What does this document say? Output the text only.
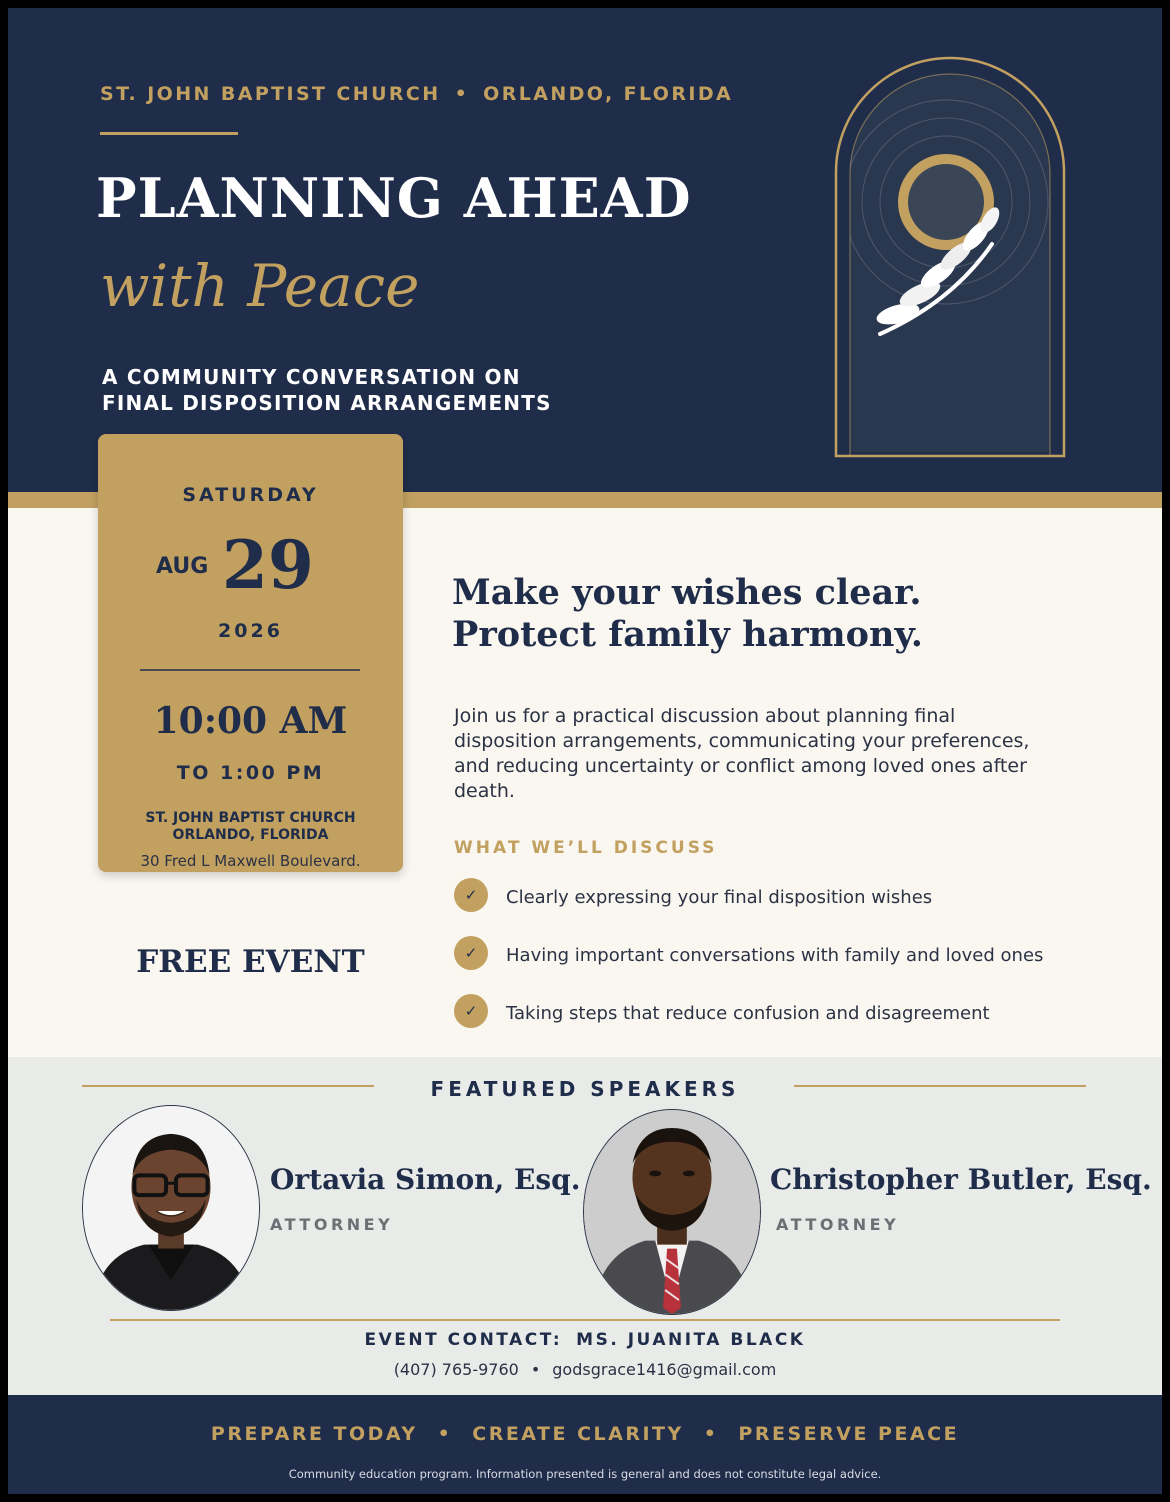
ST. JOHN BAPTIST CHURCH • ORLANDO, FLORIDA
PLANNING AHEAD
with Peace
A COMMUNITY CONVERSATION ON
FINAL DISPOSITION ARRANGEMENTS
SATURDAY
AUG 29
2026
10:00 AM
TO 1:00 PM
ST. JOHN BAPTIST CHURCH
ORLANDO, FLORIDA
30 Fred L Maxwell Boulevard.
FREE EVENT
Make your wishes clear.
Protect family harmony.

Join us for a practical discussion about planning final disposition arrangements, communicating your preferences, and reducing uncertainty or conflict among loved ones after death.

WHAT WE’LL DISCUSS
✓	Clearly expressing your final disposition wishes
✓	Having important conversations with family and loved ones
✓	Taking steps that reduce confusion and disagreement
FEATURED SPEAKERS
Ortavia Simon, Esq.
ATTORNEY
Christopher Butler, Esq.
ATTORNEY
EVENT CONTACT: MS. JUANITA BLACK
(407) 765-9760 • godsgrace1416@gmail.com
PREPARE TODAY • CREATE CLARITY • PRESERVE PEACE
Community education program. Information presented is general and does not constitute legal advice.
